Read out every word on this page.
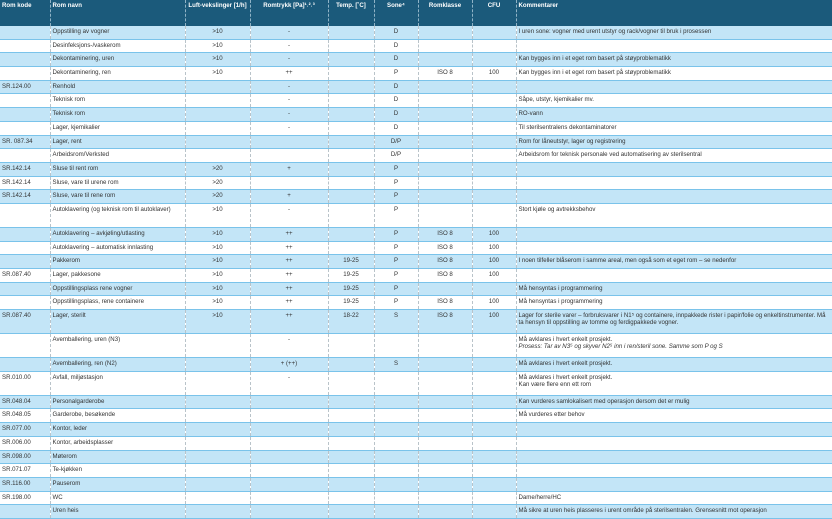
Rom kode	Rom navn	Luft-vekslinger [1/h]	Romtrykk [Pa]¹˒²˒³	Temp. [˚C]	Sone⁴	Romklasse	CFU	Kommentarer

	Oppstilling av vogner	>10	-		D			I uren sone: vogner med urent utstyr og rack/vogner til bruk i prosessen

	Desinfeksjons-/vaskerom	>10	-		D			

	Dekontaminering, uren	>10	-		D			Kan bygges inn i et eget rom basert på støyproblematikk

	Dekontaminering, ren	>10	++		P	ISO 8	100	Kan bygges inn i et eget rom basert på støyproblematikk

SR.124.00	Renhold		-		D			

	Teknisk rom		-		D			Såpe, utstyr, kjemikalier mv.

	Teknisk rom		-		D			RO-vann

	Lager, kjemikalier		-		D			Til sterilsentralens dekontaminatorer

SR. 087.34	Lager, rent				D/P			Rom for låneutstyr, lager og registrering

	Arbeidsrom/Verksted				D/P			Arbeidsrom for teknisk personale ved automatisering av sterilsentral

SR.142.14	Sluse til rent rom	>20	+		P			

SR.142.14	Sluse, vare til urene rom	>20			P			

SR.142.14	Sluse, vare til rene rom	>20	+		P			

	Autoklavering (og teknisk rom til autoklaver)	>10	-		P			Stort kjøle og avtrekksbehov

	Autoklavering – avkjøling/utlasting	>10	++		P	ISO 8	100	

	Autoklavering – automatisk innlasting	>10	++		P	ISO 8	100	

	Pakkerom	>10	++	19-25	P	ISO 8	100	I noen tilfeller blåserom i samme areal, men også som et eget rom – se nedenfor

SR.087.40	Lager, pakkesone	>10	++	19-25	P	ISO 8	100	

	Oppstillingsplass rene vogner	>10	++	19-25	P			Må hensyntas i programmering

	Oppstillingsplass, rene containere	>10	++	19-25	P	ISO 8	100	Må hensyntas i programmering

SR.087.40	Lager, sterilt	>10	++	18-22	S	ISO 8	100	Lager for sterile varer – forbruksvarer i N1⁵ og containere, innpakkede rister i papir/folie og enkeltinstrumenter. Må ta hensyn til oppstilling av tomme og ferdigpakkede vogner.

	Avemballering, uren (N3)		-					Må avklares i hvert enkelt prosjekt.
Prosess: Tar av N3⁵ og skyver N2⁵ inn i ren/steril sone. Samme som P og S

	Avemballering, ren (N2)		+ (++)		S			Må avklares i hvert enkelt prosjekt.

SR.010.00	Avfall, miljøstasjon		-					Må avklares i hvert enkelt prosjekt.
Kan være flere enn ett rom

SR.048.04	Personalgarderobe							Kan vurderes samlokalisert med operasjon dersom det er mulig

SR.048.05	Garderobe, besøkende							Må vurderes etter behov

SR.077.00	Kontor, leder							

SR.006.00	Kontor, arbeidsplasser							

SR.098.00	Møterom							

SR.071.07	Te-kjøkken							

SR.116.00	Pauserom							

SR.198.00	WC							Dame/herre/HC

	Uren heis							Må sikre at uren heis plasseres i urent område på sterilsentralen. Grensesnitt mot operasjon
